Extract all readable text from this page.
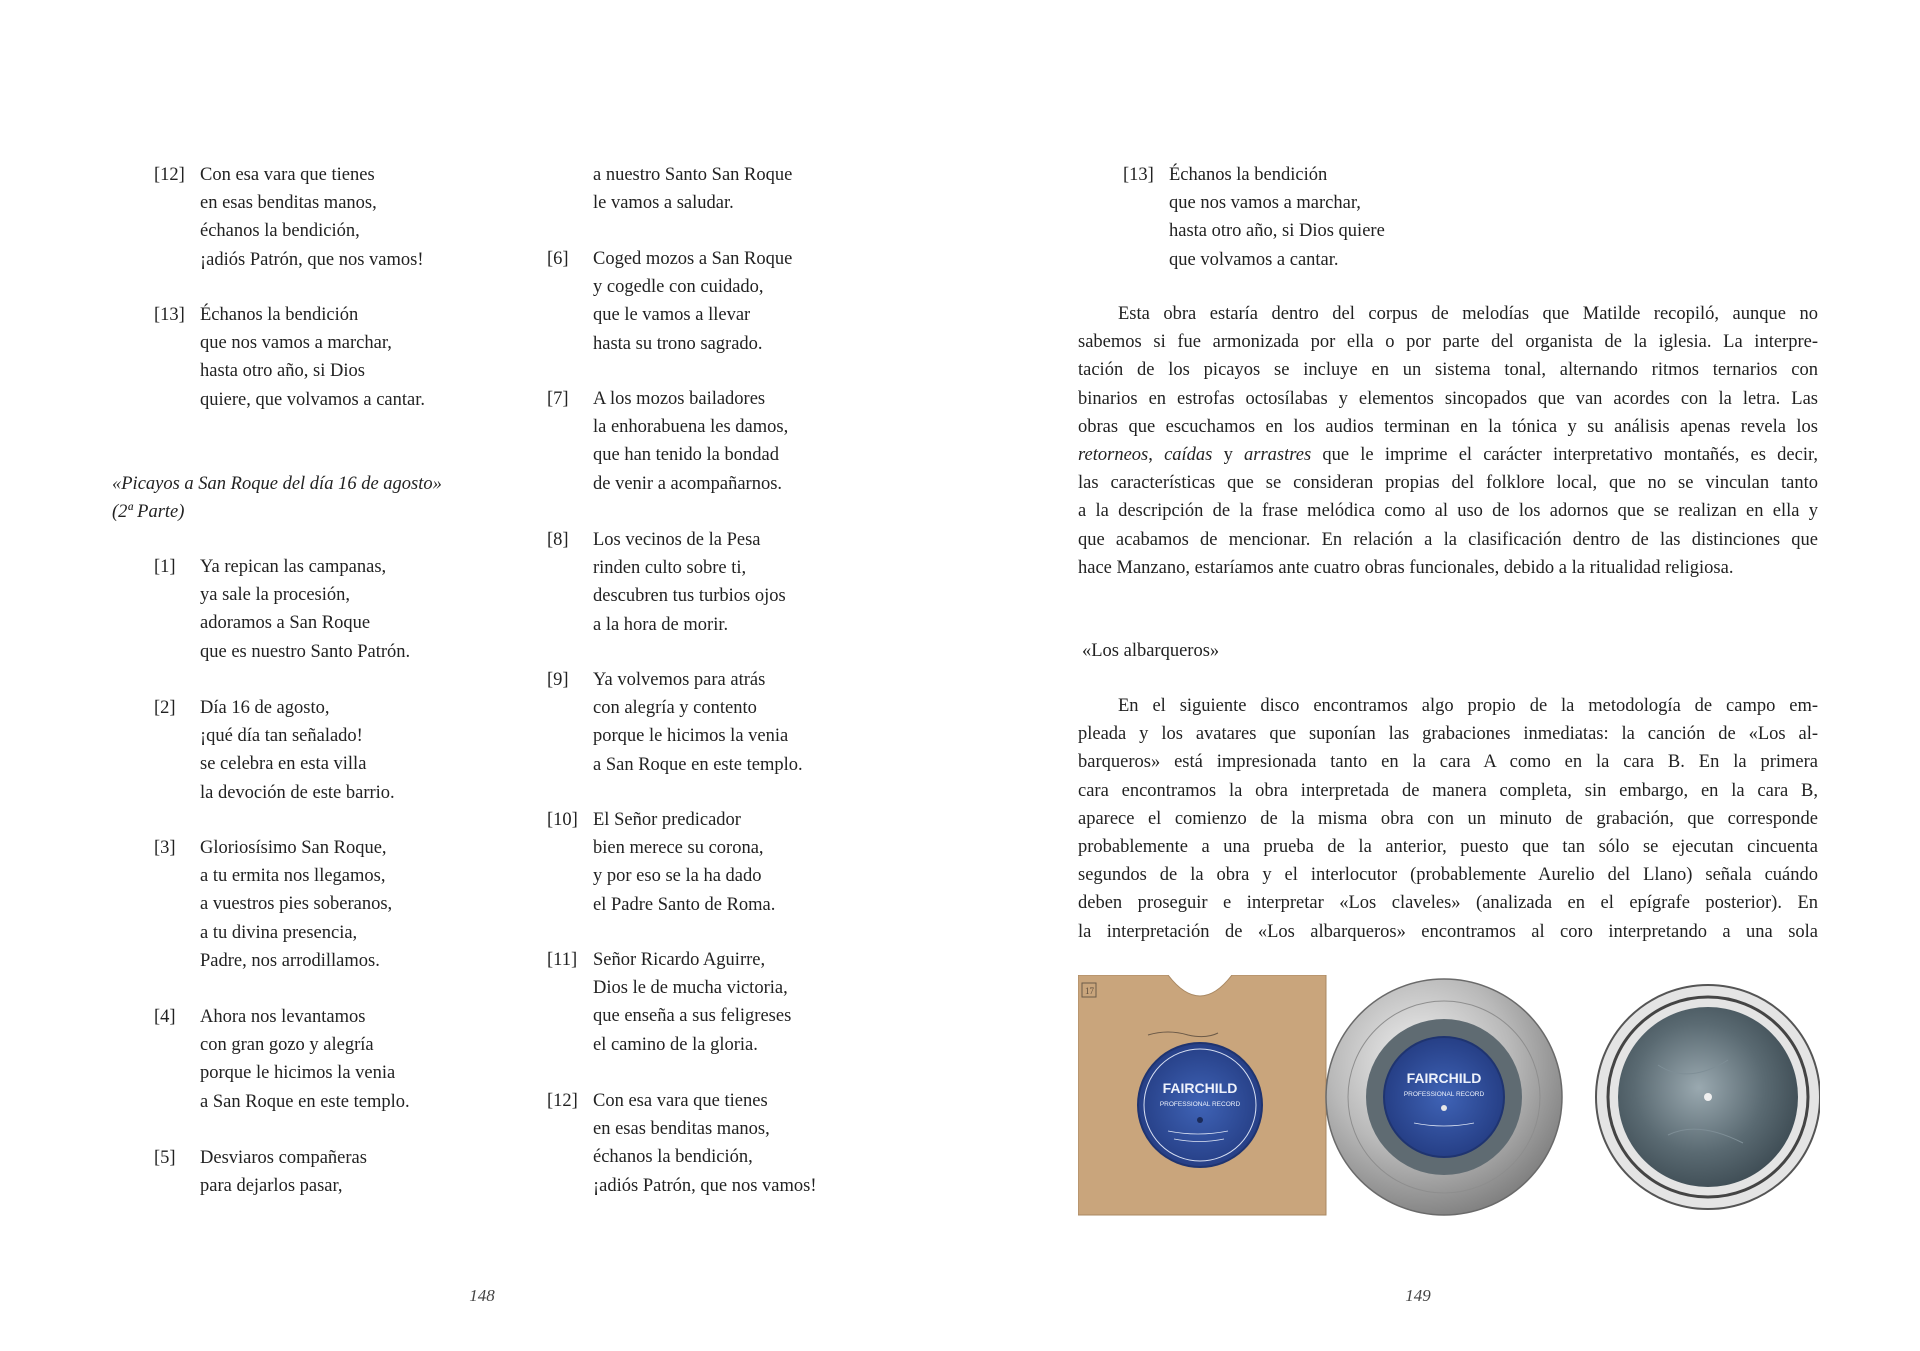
[12] Con esa vara que tienes
en esas benditas manos,
échanos la bendición,
¡adiós Patrón, que nos vamos!
[13] Échanos la bendición
que nos vamos a marchar,
hasta otro año, si Dios
quiere, que volvamos a cantar.
«Picayos a San Roque del día 16 de agosto»
(2ª Parte)
[1] Ya repican las campanas,
ya sale la procesión,
adoramos a San Roque
que es nuestro Santo Patrón.
[2] Día 16 de agosto,
¡qué día tan señalado!
se celebra en esta villa
la devoción de este barrio.
[3] Gloriosísimo San Roque,
a tu ermita nos llegamos,
a vuestros pies soberanos,
a tu divina presencia,
Padre, nos arrodillamos.
[4] Ahora nos levantamos
con gran gozo y alegría
porque le hicimos la venia
a San Roque en este templo.
[5] Desviaros compañeras
para dejarlos pasar,
a nuestro Santo San Roque
le vamos a saludar.
[6] Coged mozos a San Roque
y cogedle con cuidado,
que le vamos a llevar
hasta su trono sagrado.
[7] A los mozos bailadores
la enhorabuena les damos,
que han tenido la bondad
de venir a acompañarnos.
[8] Los vecinos de la Pesa
rinden culto sobre ti,
descubren tus turbios ojos
a la hora de morir.
[9] Ya volvemos para atrás
con alegría y contento
porque le hicimos la venia
a San Roque en este templo.
[10] El Señor predicador
bien merece su corona,
y por eso se la ha dado
el Padre Santo de Roma.
[11] Señor Ricardo Aguirre,
Dios le de mucha victoria,
que enseña a sus feligreses
el camino de la gloria.
[12] Con esa vara que tienes
en esas benditas manos,
échanos la bendición,
¡adiós Patrón, que nos vamos!
148
[13] Échanos la bendición
que nos vamos a marchar,
hasta otro año, si Dios quiere
que volvamos a cantar.
Esta obra estaría dentro del corpus de melodías que Matilde recopiló, aunque no
sabemos si fue armonizada por ella o por parte del organista de la iglesia. La interpre-
tación de los picayos se incluye en un sistema tonal, alternando ritmos ternarios con
binarios en estrofas octosílabas y elementos sincopados que van acordes con la letra. Las
obras que escuchamos en los audios terminan en la tónica y su análisis apenas revela los
retorneos, caídas y arrastres que le imprime el carácter interpretativo montañés, es decir,
las características que se consideran propias del folklore local, que no se vinculan tanto
a la descripción de la frase melódica como al uso de los adornos que se realizan en ella y
que acabamos de mencionar. En relación a la clasificación dentro de las distinciones que
hace Manzano, estaríamos ante cuatro obras funcionales, debido a la ritualidad religiosa.
«Los albarqueros»
En el siguiente disco encontramos algo propio de la metodología de campo em-
pleada y los avatares que suponían las grabaciones inmediatas: la canción de «Los al-
barqueros» está impresionada tanto en la cara A como en la cara B. En la primera
cara encontramos la obra interpretada de manera completa, sin embargo, en la cara B,
aparece el comienzo de la misma obra con un minuto de grabación, que corresponde
probablemente a una prueba de la anterior, puesto que tan sólo se ejecutan cincuenta
segundos de la obra y el interlocutor (probablemente Aurelio del Llano) señala cuándo
deben proseguir e interpretar «Los claveles» (analizada en el epígrafe posterior). En
la interpretación de «Los albarqueros» encontramos al coro interpretando a una sola
17
FAIRCHILD
PROFESSIONAL RECORD
FAIRCHILD
PROFESSIONAL RECORD
149
